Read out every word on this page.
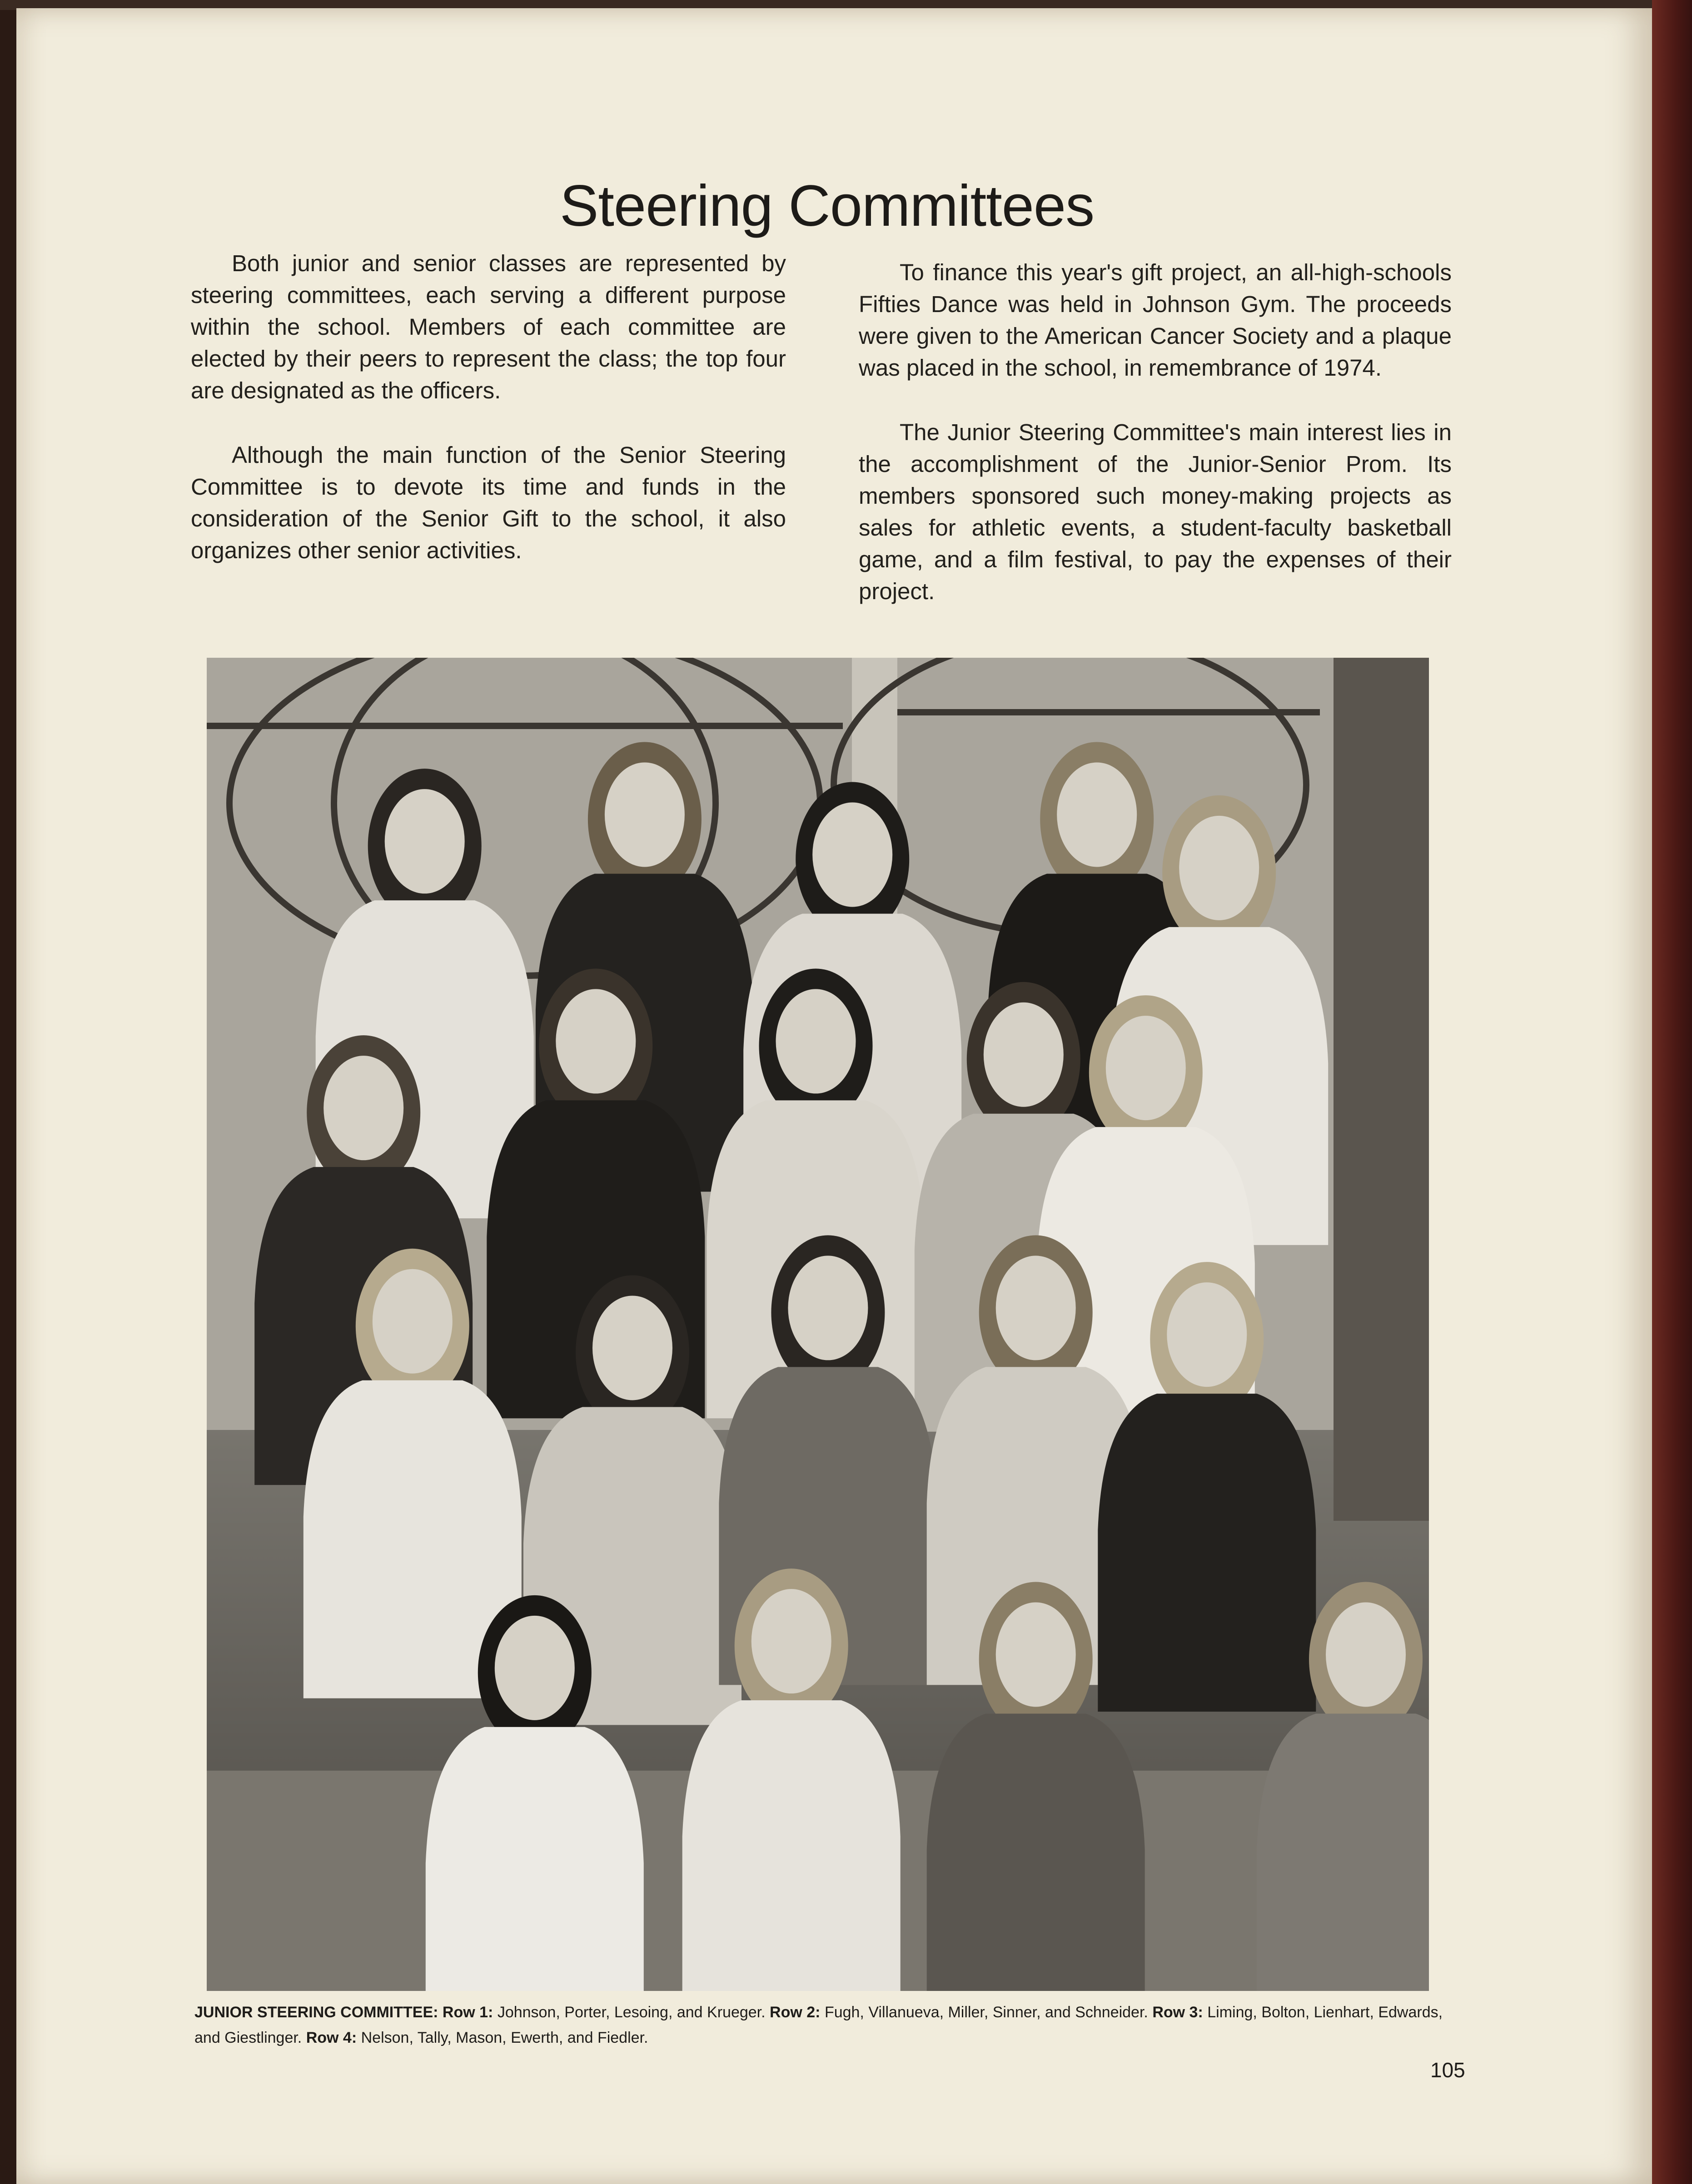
Steering Committees

Both junior and senior classes are represented by steering committees, each serving a different purpose within the school. Members of each committee are elected by their peers to represent the class; the top four are designated as the officers.

Although the main function of the Senior Steering Committee is to devote its time and funds in the consideration of the Senior Gift to the school, it also organizes other senior activities.

To finance this year's gift project, an all-high-schools Fifties Dance was held in Johnson Gym. The proceeds were given to the American Cancer Society and a plaque was placed in the school, in remembrance of 1974.

The Junior Steering Committee's main interest lies in the accomplishment of the Junior-Senior Prom. Its members sponsored such money-making projects as sales for athletic events, a student-faculty basketball game, and a film festival, to pay the expenses of their project.

JUNIOR STEERING COMMITTEE: Row 1: Johnson, Porter, Lesoing, and Krueger. Row 2: Fugh, Villanueva, Miller, Sinner, and Schneider. Row 3: Liming, Bolton, Lienhart, Edwards, and Giestlinger. Row 4: Nelson, Tally, Mason, Ewerth, and Fiedler.

105
